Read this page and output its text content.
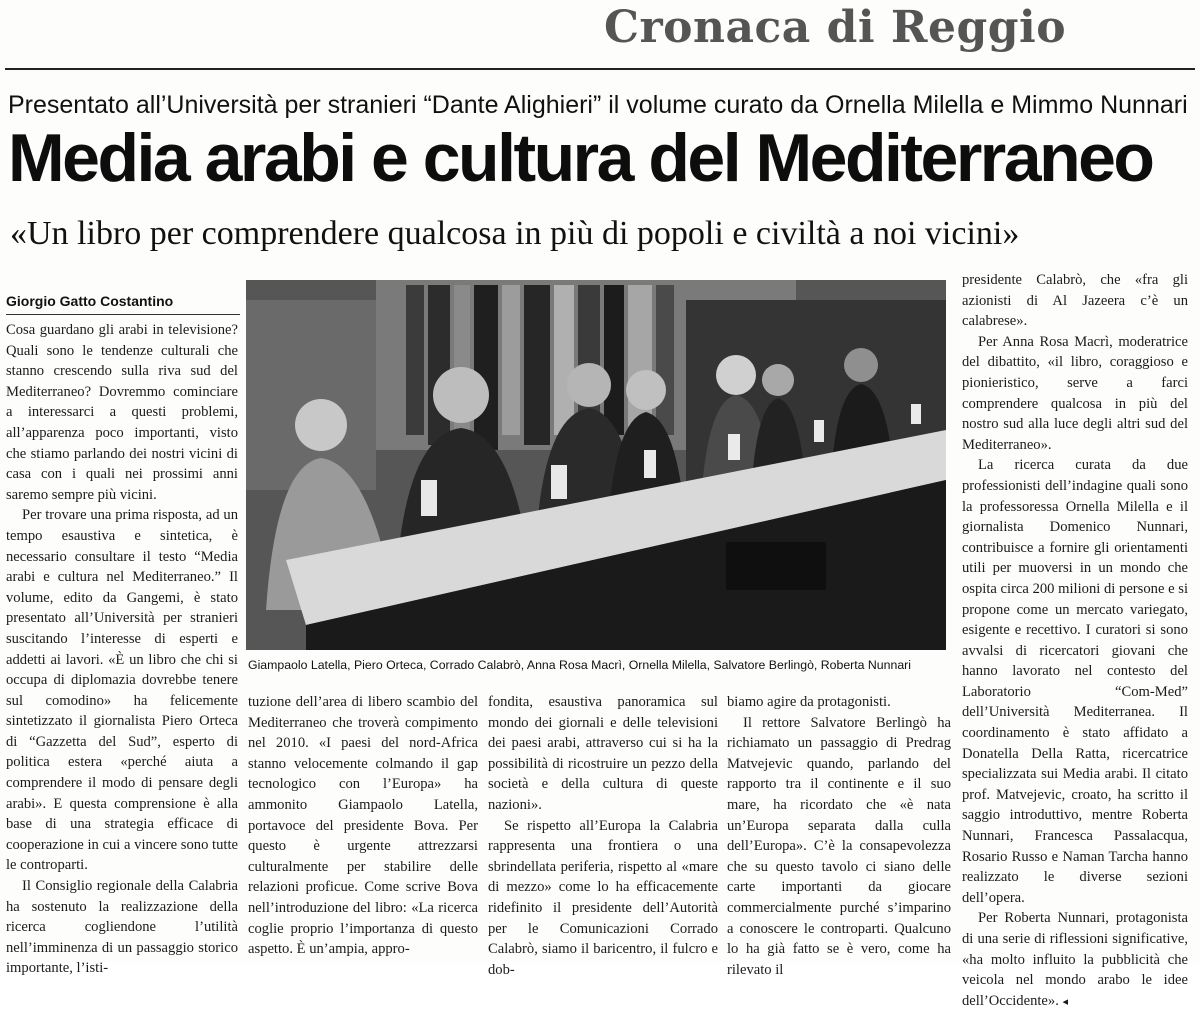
Cronaca di Reggio
Presentato all’Università per stranieri “Dante Alighieri” il volume curato da Ornella Milella e Mimmo Nunnari
Media arabi e cultura del Mediterraneo
«Un libro per comprendere qualcosa in più di popoli e civiltà a noi vicini»
Giorgio Gatto Costantino

Cosa guardano gli arabi in televisione? Quali sono le tendenze culturali che stanno crescendo sulla riva sud del Mediterraneo? Dovremmo cominciare a interessarci a questi problemi, all’apparenza poco importanti, visto che stiamo parlando dei nostri vicini di casa con i quali nei prossimi anni saremo sempre più vicini.

Per trovare una prima risposta, ad un tempo esaustiva e sintetica, è necessario consultare il testo “Media arabi e cultura nel Mediterraneo.” Il volume, edito da Gangemi, è stato presentato all’Università per stranieri suscitando l’interesse di esperti e addetti ai lavori. «È un libro che chi si occupa di diplomazia dovrebbe tenere sul comodino» ha felicemente sintetizzato il giornalista Piero Orteca di “Gazzetta del Sud”, esperto di politica estera «perché aiuta a comprendere il modo di pensare degli arabi». E questa comprensione è alla base di una strategia efficace di cooperazione in cui a vincere sono tutte le controparti.

Il Consiglio regionale della Calabria ha sostenuto la realizzazione della ricerca cogliendone l’utilità nell’imminenza di un passaggio storico importante, l’isti-

Giampaolo Latella, Piero Orteca, Corrado Calabrò, Anna Rosa Macrì, Ornella Milella, Salvatore Berlingò, Roberta Nunnari

tuzione dell’area di libero scambio del Mediterraneo che troverà compimento nel 2010. «I paesi del nord-Africa stanno velocemente colmando il gap tecnologico con l’Europa» ha ammonito Giampaolo Latella, portavoce del presidente Bova. Per questo è urgente attrezzarsi culturalmente per stabilire delle relazioni proficue. Come scrive Bova nell’introduzione del libro: «La ricerca coglie proprio l’importanza di questo aspetto. È un’ampia, appro-

fondita, esaustiva panoramica sul mondo dei giornali e delle televisioni dei paesi arabi, attraverso cui si ha la possibilità di ricostruire un pezzo della società e della cultura di queste nazioni».

Se rispetto all’Europa la Calabria rappresenta una frontiera o una sbrindellata periferia, rispetto al «mare di mezzo» come lo ha efficacemente ridefinito il presidente dell’Autorità per le Comunicazioni Corrado Calabrò, siamo il baricentro, il fulcro e dob-

biamo agire da protagonisti.

Il rettore Salvatore Berlingò ha richiamato un passaggio di Predrag Matvejevic quando, parlando del rapporto tra il continente e il suo mare, ha ricordato che «è nata un’Europa separata dalla culla dell’Europa». C’è la consapevolezza che su questo tavolo ci siano delle carte importanti da giocare commercialmente purché s’imparino a conoscere le controparti. Qualcuno lo ha già fatto se è vero, come ha rilevato il

presidente Calabrò, che «fra gli azionisti di Al Jazeera c’è un calabrese».

Per Anna Rosa Macrì, moderatrice del dibattito, «il libro, coraggioso e pionieristico, serve a farci comprendere qualcosa in più del nostro sud alla luce degli altri sud del Mediterraneo».

La ricerca curata da due professionisti dell’indagine quali sono la professoressa Ornella Milella e il giornalista Domenico Nunnari, contribuisce a fornire gli orientamenti utili per muoversi in un mondo che ospita circa 200 milioni di persone e si propone come un mercato variegato, esigente e recettivo. I curatori si sono avvalsi di ricercatori giovani che hanno lavorato nel contesto del Laboratorio “Com-Med” dell’Università Mediterranea. Il coordinamento è stato affidato a Donatella Della Ratta, ricercatrice specializzata sui Media arabi. Il citato prof. Matvejevic, croato, ha scritto il saggio introduttivo, mentre Roberta Nunnari, Francesca Passalacqua, Rosario Russo e Naman Tarcha hanno realizzato le diverse sezioni dell’opera.

Per Roberta Nunnari, protagonista di una serie di riflessioni significative, «ha molto influito la pubblicità che veicola nel mondo arabo le idee dell’Occidente». ◂
